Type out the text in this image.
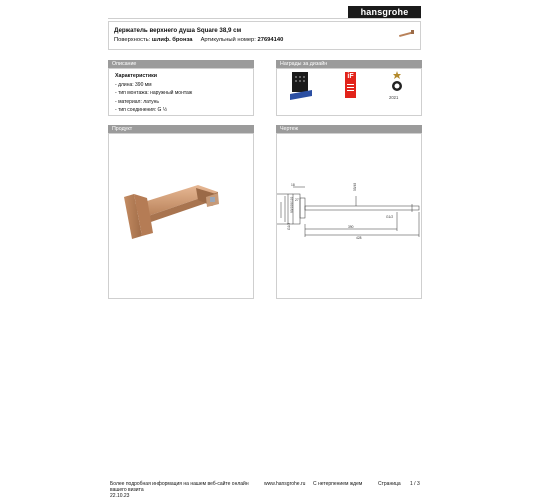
hansgrohe
Держатель верхнего душа Square 38,9 см
Поверхность: шлиф. бронза Артикульный номер: 27694140
Описание
Характеристики
- длина: 390 мм
- тип монтажа: наружный монтаж
- материал: латунь
- тип соединения: G ½
Награды за дизайн
iF
2021
Продукт	Чертеж
18	55/49
27
90/100/110
G1/2
G1/2
390
428
Более подробная информация на нашем веб-сайте онлайн	www.hansgrohe.ru С нетерпением ждем	Страница 1 / 3
вашего визита
22.10.23
